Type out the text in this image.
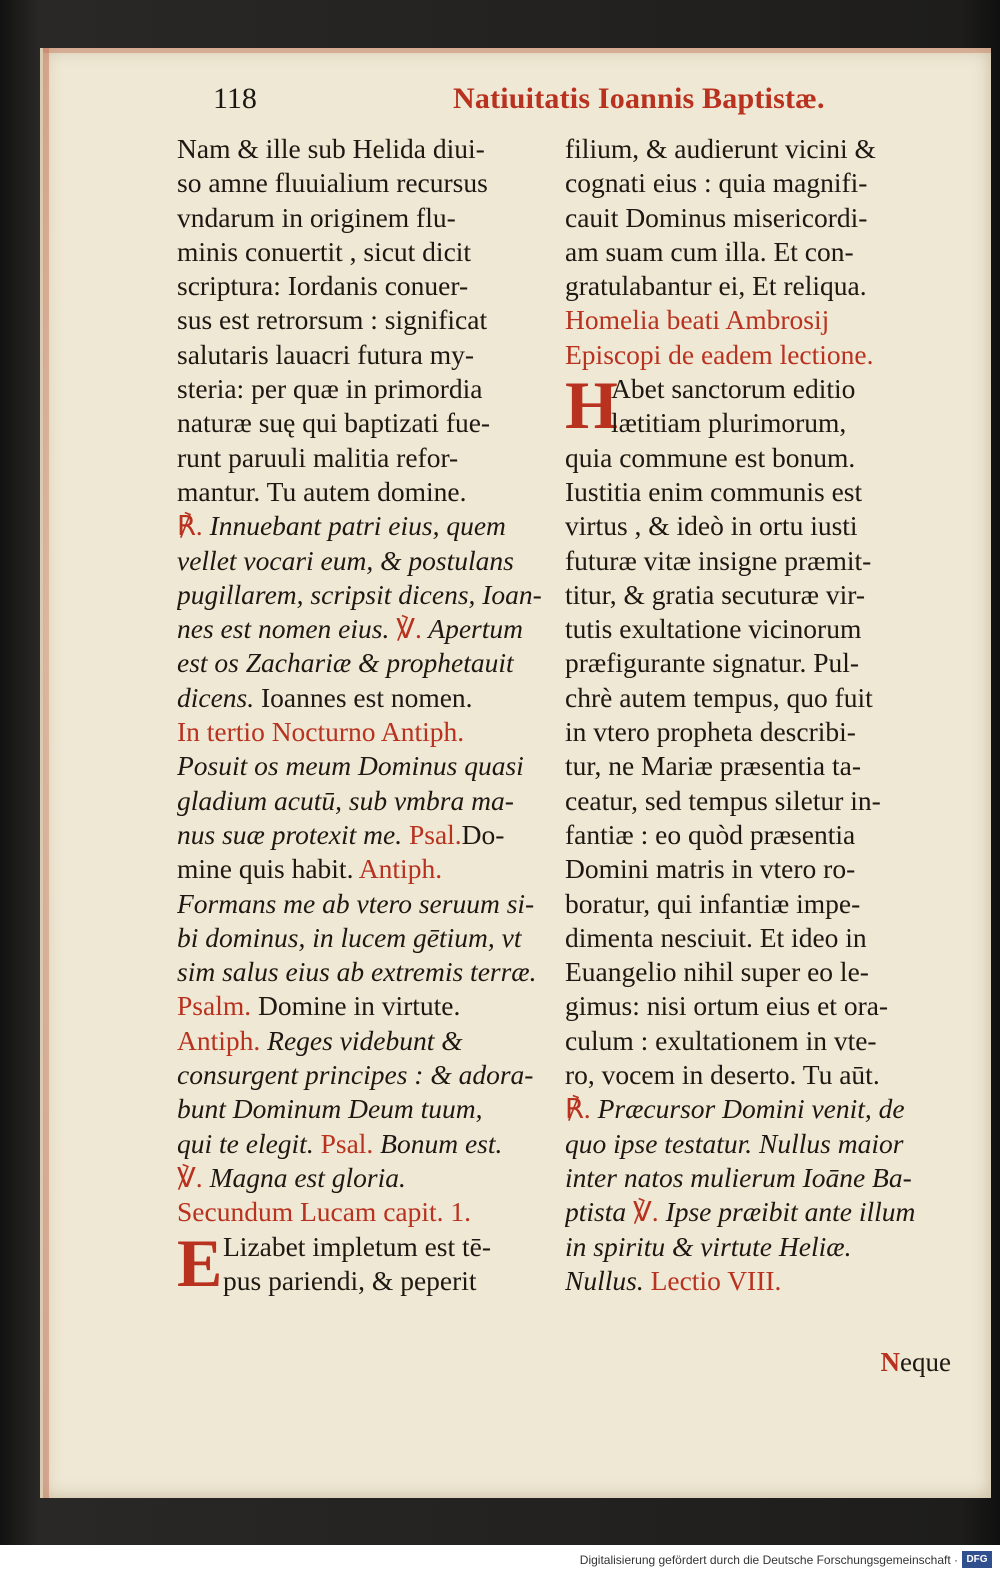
118	Natiuitatis Ioannis Baptistæ.
Nam & ille sub Helida diui-
so amne fluuialium recursus
vndarum in originem flu-
minis conuertit , sicut dicit
scriptura: Iordanis conuer-
sus est retrorsum : significat
salutaris lauacri futura my-
steria: per quæ in primordia
naturæ suę qui baptizati fue-
runt paruuli malitia refor-
mantur. Tu autem domine.
℟. Innuebant patri eius, quem
vellet vocari eum, & postulans
pugillarem, scripsit dicens, Ioan-
nes est nomen eius. ℣. Apertum
est os Zachariæ & prophetauit
dicens. Ioannes est nomen.
In tertio Nocturno Antiph.
Posuit os meum Dominus quasi
gladium acutū, sub vmbra ma-
nus suæ protexit me. Psal.Do-
mine quis habit. Antiph.
Formans me ab vtero seruum si-
bi dominus, in lucem gētium, vt
sim salus eius ab extremis terræ.
Psalm. Domine in virtute.
Antiph. Reges videbunt &
consurgent principes : & adora-
bunt Dominum Deum tuum,
qui te elegit. Psal. Bonum est.
℣. Magna est gloria.
Secundum Lucam capit. 1.
E Lizabet impletum est tē-
pus pariendi, & peperit
filium, & audierunt vicini &
cognati eius : quia magnifi-
cauit Dominus misericordi-
am suam cum illa. Et con-
gratulabantur ei, Et reliqua.
Homelia beati Ambrosij
Episcopi de eadem lectione.
H
Abet sanctorum editio
lætitiam plurimorum,
quia commune est bonum.
Iustitia enim communis est
virtus , & ideò in ortu iusti
futuræ vitæ insigne præmit-
titur, & gratia secuturæ vir-
tutis exultatione vicinorum
præfigurante signatur. Pul-
chrè autem tempus, quo fuit
in vtero propheta describi-
tur, ne Mariæ præsentia ta-
ceatur, sed tempus siletur in-
fantiæ : eo quòd præsentia
Domini matris in vtero ro-
boratur, qui infantiæ impe-
dimenta nesciuit. Et ideo in
Euangelio nihil super eo le-
gimus: nisi ortum eius et ora-
culum : exultationem in vte-
ro, vocem in deserto. Tu aūt.
℟. Præcursor Domini venit, de
quo ipse testatur. Nullus maior
inter natos mulierum Ioāne Ba-
ptista ℣. Ipse præibit ante illum
in spiritu & virtute Heliæ.
Nullus. Lectio VIII.
Neque
Digitalisierung gefördert durch die Deutsche Forschungsgemeinschaft · DFG
